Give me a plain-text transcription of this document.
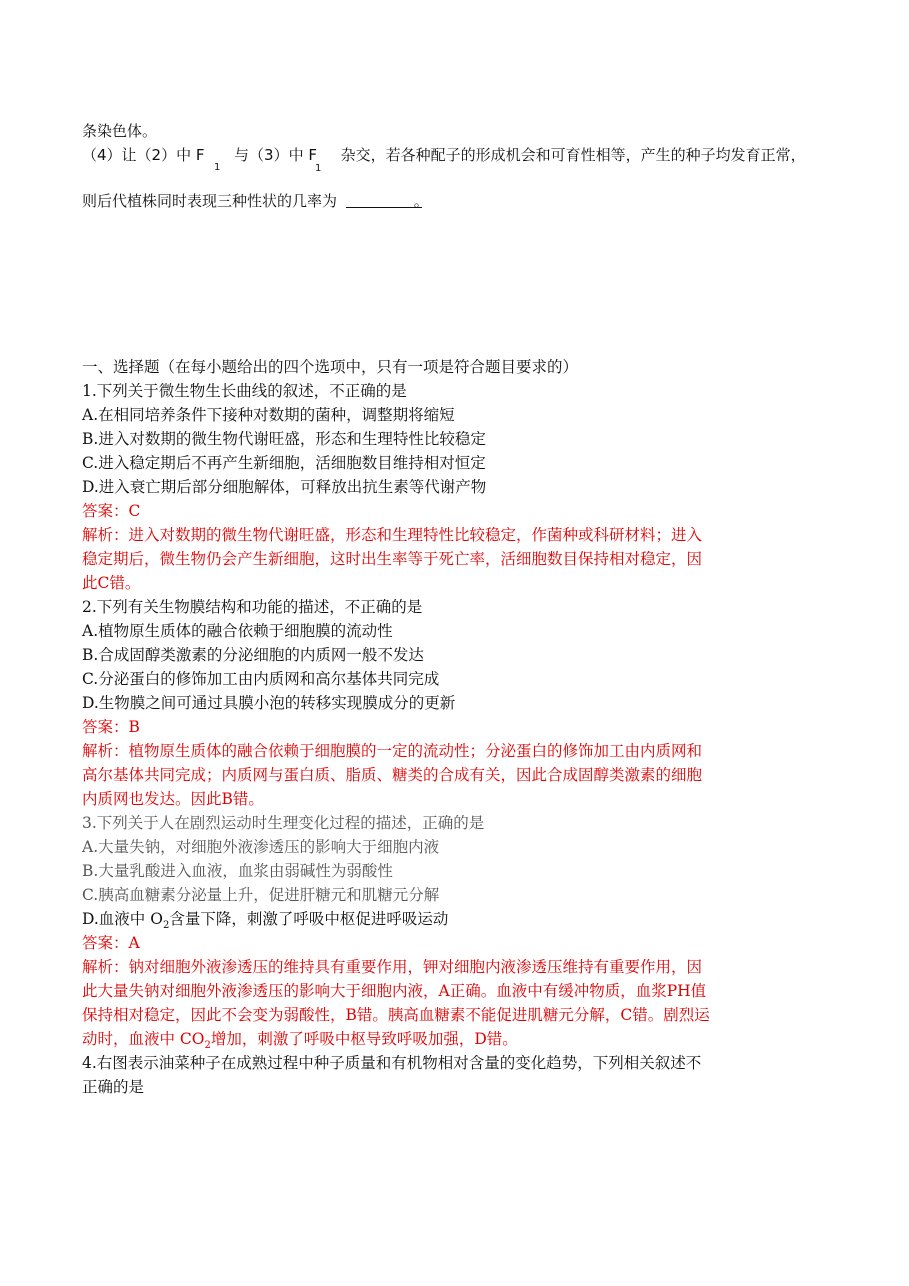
条染色体。
（4）让（2）中 F 与（3）中 F 杂交，若各种配子的形成机会和可育性相等，产生的种子均发育正常，
1	1
则后代植株同时表现三种性状的几率为	。
一、选择题（在每小题给出的四个选项中，只有一项是符合题目要求的）
1.下列关于微生物生长曲线的叙述，不正确的是
A.在相同培养条件下接种对数期的菌种，调整期将缩短
B.进入对数期的微生物代谢旺盛，形态和生理特性比较稳定
C.进入稳定期后不再产生新细胞，活细胞数目维持相对恒定
D.进入衰亡期后部分细胞解体，可释放出抗生素等代谢产物
答案：C
解析：进入对数期的微生物代谢旺盛，形态和生理特性比较稳定，作菌种或科研材料；进入
稳定期后，微生物仍会产生新细胞，这时出生率等于死亡率，活细胞数目保持相对稳定，因
此C错。
2.下列有关生物膜结构和功能的描述，不正确的是
A.植物原生质体的融合依赖于细胞膜的流动性
B.合成固醇类激素的分泌细胞的内质网一般不发达
C.分泌蛋白的修饰加工由内质网和高尔基体共同完成
D.生物膜之间可通过具膜小泡的转移实现膜成分的更新
答案：B
解析：植物原生质体的融合依赖于细胞膜的一定的流动性；分泌蛋白的修饰加工由内质网和
高尔基体共同完成；内质网与蛋白质、脂质、糖类的合成有关，因此合成固醇类激素的细胞
内质网也发达。因此B错。
3.下列关于人在剧烈运动时生理变化过程的描述，正确的是
A.大量失钠，对细胞外液渗透压的影响大于细胞内液
B.大量乳酸进入血液，血浆由弱碱性为弱酸性
C.胰高血糖素分泌量上升，促进肝糖元和肌糖元分解
D.血液中 $O_2$含量下降，刺激了呼吸中枢促进呼吸运动
答案：A
解析：钠对细胞外液渗透压的维持具有重要作用，钾对细胞内液渗透压维持有重要作用，因
此大量失钠对细胞外液渗透压的影响大于细胞内液，A正确。血液中有缓冲物质，血浆PH值
保持相对稳定，因此不会变为弱酸性，B错。胰高血糖素不能促进肌糖元分解，C错。剧烈运
动时，血液中 $CO_2$增加，刺激了呼吸中枢导致呼吸加强，D错。
4.右图表示油菜种子在成熟过程中种子质量和有机物相对含量的变化趋势，下列相关叙述不
正确的是
